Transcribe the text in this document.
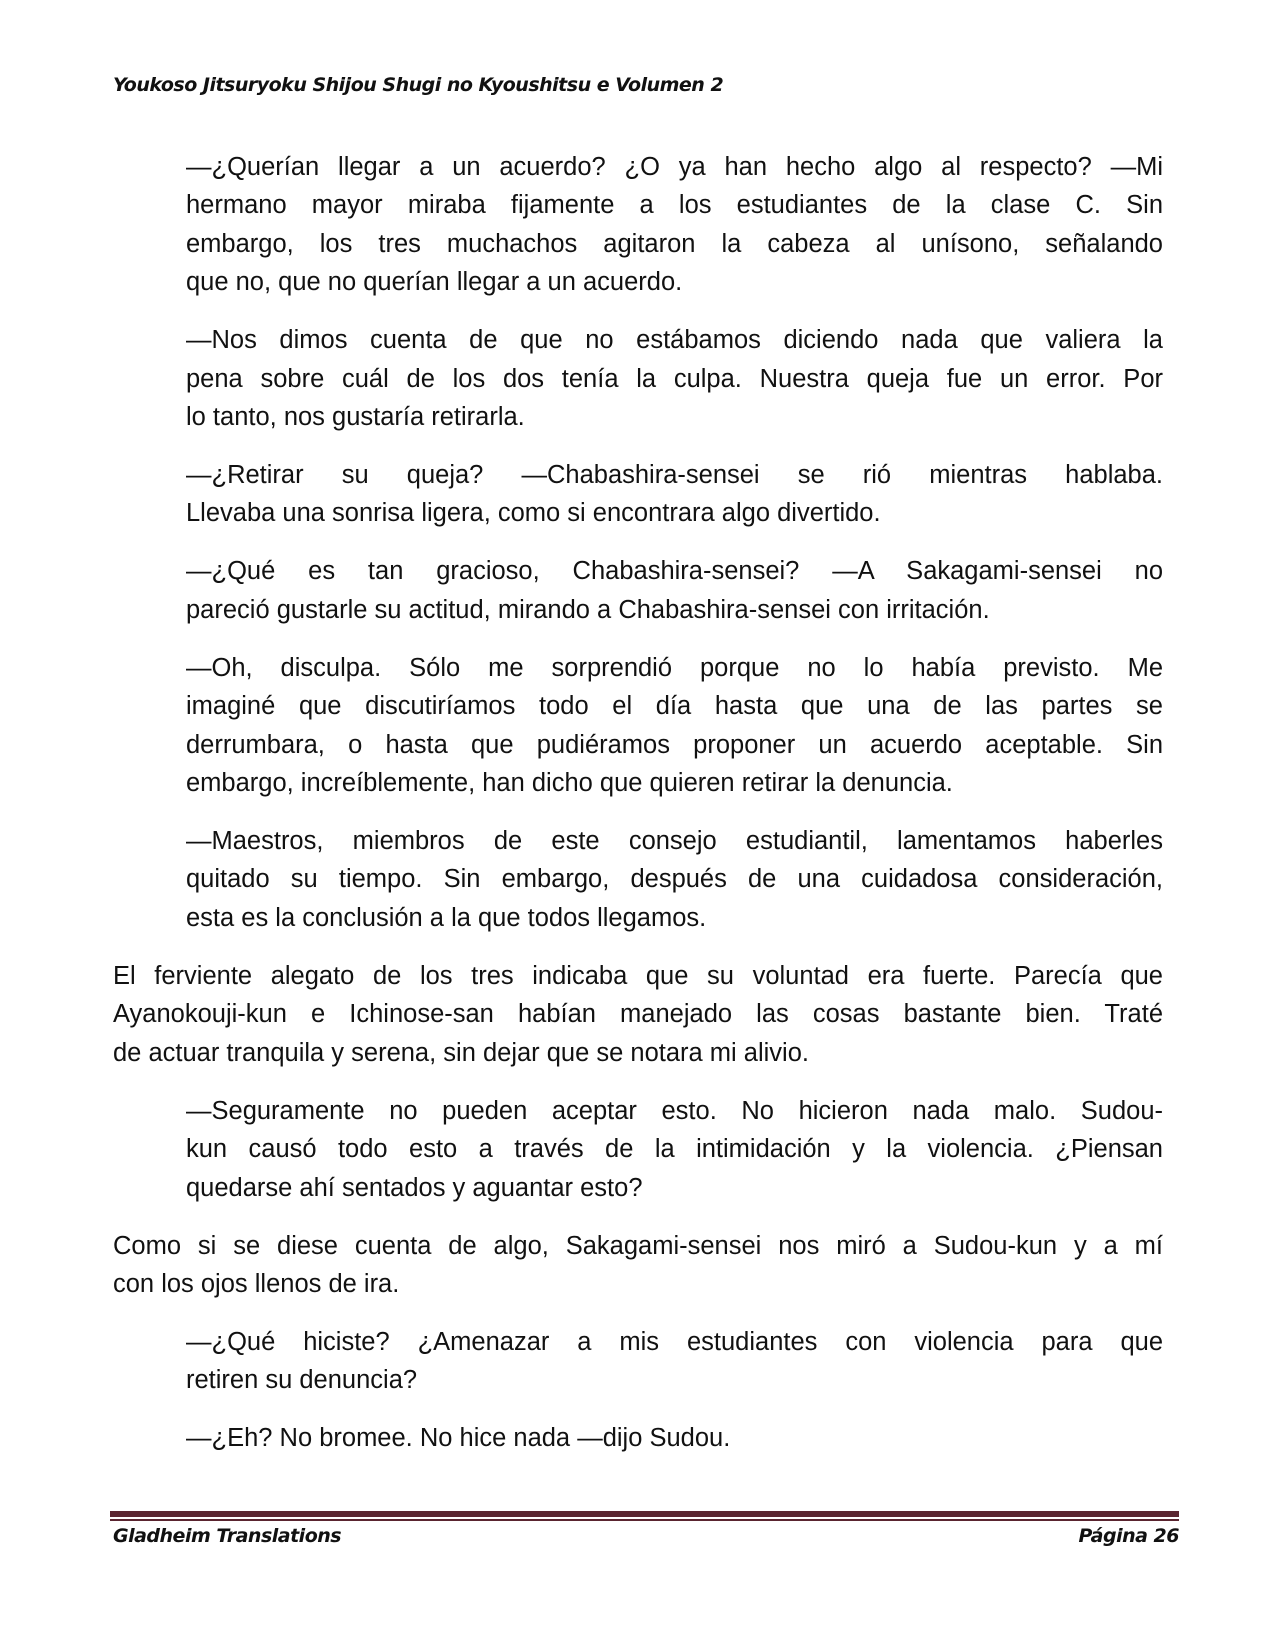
Youkoso Jitsuryoku Shijou Shugi no Kyoushitsu e Volumen 2
—¿Querían llegar a un acuerdo? ¿O ya han hecho algo al respecto? —Mi
hermano mayor miraba fijamente a los estudiantes de la clase C. Sin
embargo, los tres muchachos agitaron la cabeza al unísono, señalando
que no, que no querían llegar a un acuerdo.
—Nos dimos cuenta de que no estábamos diciendo nada que valiera la
pena sobre cuál de los dos tenía la culpa. Nuestra queja fue un error. Por
lo tanto, nos gustaría retirarla.
—¿Retirar su queja? —Chabashira-sensei se rió mientras hablaba.
Llevaba una sonrisa ligera, como si encontrara algo divertido.
—¿Qué es tan gracioso, Chabashira-sensei? —A Sakagami-sensei no
pareció gustarle su actitud, mirando a Chabashira-sensei con irritación.
—Oh, disculpa. Sólo me sorprendió porque no lo había previsto. Me
imaginé que discutiríamos todo el día hasta que una de las partes se
derrumbara, o hasta que pudiéramos proponer un acuerdo aceptable. Sin
embargo, increíblemente, han dicho que quieren retirar la denuncia.
—Maestros, miembros de este consejo estudiantil, lamentamos haberles
quitado su tiempo. Sin embargo, después de una cuidadosa consideración,
esta es la conclusión a la que todos llegamos.
El ferviente alegato de los tres indicaba que su voluntad era fuerte. Parecía que
Ayanokouji-kun e Ichinose-san habían manejado las cosas bastante bien. Traté
de actuar tranquila y serena, sin dejar que se notara mi alivio.
—Seguramente no pueden aceptar esto. No hicieron nada malo. Sudou-
kun causó todo esto a través de la intimidación y la violencia. ¿Piensan
quedarse ahí sentados y aguantar esto?
Como si se diese cuenta de algo, Sakagami-sensei nos miró a Sudou-kun y a mí
con los ojos llenos de ira.
—¿Qué hiciste? ¿Amenazar a mis estudiantes con violencia para que
retiren su denuncia?
—¿Eh? No bromee. No hice nada —dijo Sudou.
Gladheim Translations	Página 26
